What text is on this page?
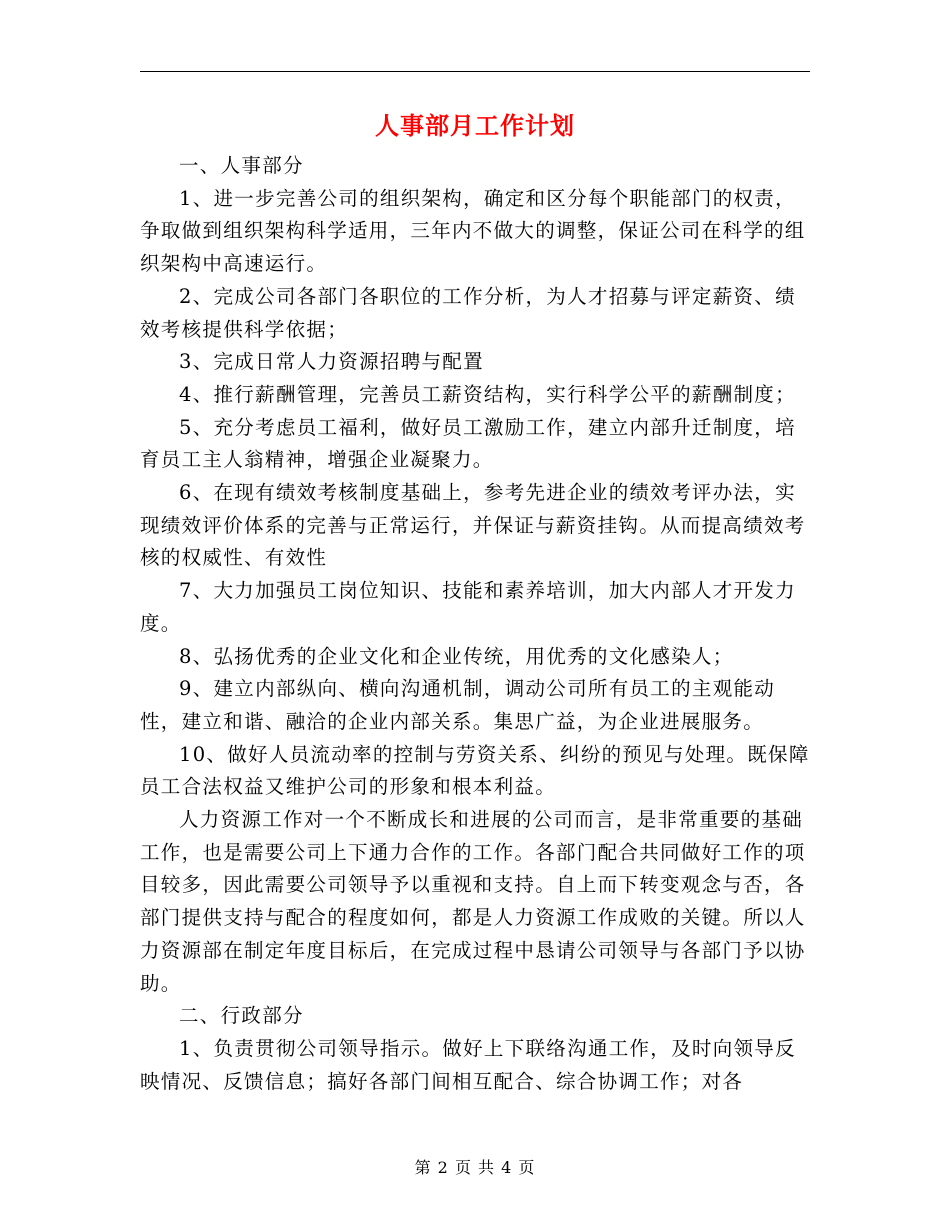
人事部月工作计划

一、人事部分

1、进一步完善公司的组织架构，确定和区分每个职能部门的权责，争取做到组织架构科学适用，三年内不做大的调整，保证公司在科学的组织架构中高速运行。

2、完成公司各部门各职位的工作分析，为人才招募与评定薪资、绩效考核提供科学依据；

3、完成日常人力资源招聘与配置

4、推行薪酬管理，完善员工薪资结构，实行科学公平的薪酬制度；

5、充分考虑员工福利，做好员工激励工作，建立内部升迁制度，培育员工主人翁精神，增强企业凝聚力。

6、在现有绩效考核制度基础上，参考先进企业的绩效考评办法，实现绩效评价体系的完善与正常运行，并保证与薪资挂钩。从而提高绩效考核的权威性、有效性

7、大力加强员工岗位知识、技能和素养培训，加大内部人才开发力度。

8、弘扬优秀的企业文化和企业传统，用优秀的文化感染人；

9、建立内部纵向、横向沟通机制，调动公司所有员工的主观能动性，建立和谐、融洽的企业内部关系。集思广益，为企业进展服务。

10、做好人员流动率的控制与劳资关系、纠纷的预见与处理。既保障员工合法权益又维护公司的形象和根本利益。

人力资源工作对一个不断成长和进展的公司而言，是非常重要的基础工作，也是需要公司上下通力合作的工作。各部门配合共同做好工作的项目较多，因此需要公司领导予以重视和支持。自上而下转变观念与否，各部门提供支持与配合的程度如何，都是人力资源工作成败的关键。所以人力资源部在制定年度目标后，在完成过程中恳请公司领导与各部门予以协助。

二、行政部分

1、负责贯彻公司领导指示。做好上下联络沟通工作，及时向领导反映情况、反馈信息；搞好各部门间相互配合、综合协调工作；对各

第 2 页 共 4 页
